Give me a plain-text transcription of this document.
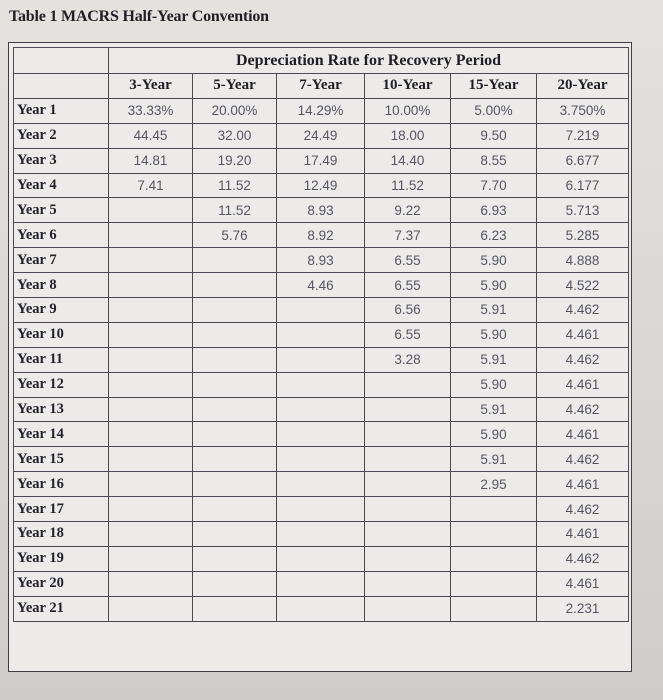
Table 1 MACRS Half-Year Convention
	Depreciation Rate for Recovery Period					
	3-Year	5-Year	7-Year	10-Year	15-Year	20-Year
Year 1	33.33%	20.00%	14.29%	10.00%	5.00%	3.750%
Year 2	44.45	32.00	24.49	18.00	9.50	7.219
Year 3	14.81	19.20	17.49	14.40	8.55	6.677
Year 4	7.41	11.52	12.49	11.52	7.70	6.177
Year 5		11.52	8.93	9.22	6.93	5.713
Year 6		5.76	8.92	7.37	6.23	5.285
Year 7			8.93	6.55	5.90	4.888
Year 8			4.46	6.55	5.90	4.522
Year 9				6.56	5.91	4.462
Year 10				6.55	5.90	4.461
Year 11				3.28	5.91	4.462
Year 12					5.90	4.461
Year 13					5.91	4.462
Year 14					5.90	4.461
Year 15					5.91	4.462
Year 16					2.95	4.461
Year 17						4.462
Year 18						4.461
Year 19						4.462
Year 20						4.461
Year 21						2.231
